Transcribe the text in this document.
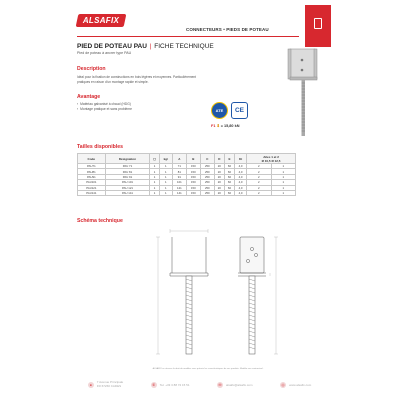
ALSAFIX
CONNECTEURS • PIEDS DE POTEAU
PIED DE POTEAU PAU | FICHE TECHNIQUE
Pied de poteau à ancrer type PAU
Description
Idéal pour la fixation de constructions en bois légères et moyennes. Particulièrement pratiques en raison d'un montage rapide et simple.
Avantage
› Matériau galvanisé à chaud (HDG)
› Montage pratique et sans problème	ATE	CE
F1 ⬇ = 15,80 kN
Tailles disponibles
Code	Désignation	▢	kg/	A	B	C	D	E	Kt	Ailes 1 et 2
Ø 10,5 Ø 12,5	

PAU71	PAU 71	1	1	71	150	250	20	60	4,0	2	1
PAU81	PAU 81	1	1	81	150	250	20	60	4,0	2	1
PAU91	PAU 91	1	1	91	150	250	20	60	4,0	2	1
PAU101	PAU 101	1	1	101	150	250	20	60	4,0	2	1
PAU121	PAU 121	1	1	121	150	250	20	60	4,0	2	1
PAU141	PAU 141	1	1	141	150	250	20	60	4,0	2	1
Schéma technique
ALSAFIX se réserve le droit de modifier sans préavis les caractéristiques de ses produits. Modèle non contractuel.
●
7 Avenue Principale
FR 67260 CADES	✆	Tel. +33 3 88 72 15 51	✉	alsafix@alsafix.com	◎	www.alsafix.com
